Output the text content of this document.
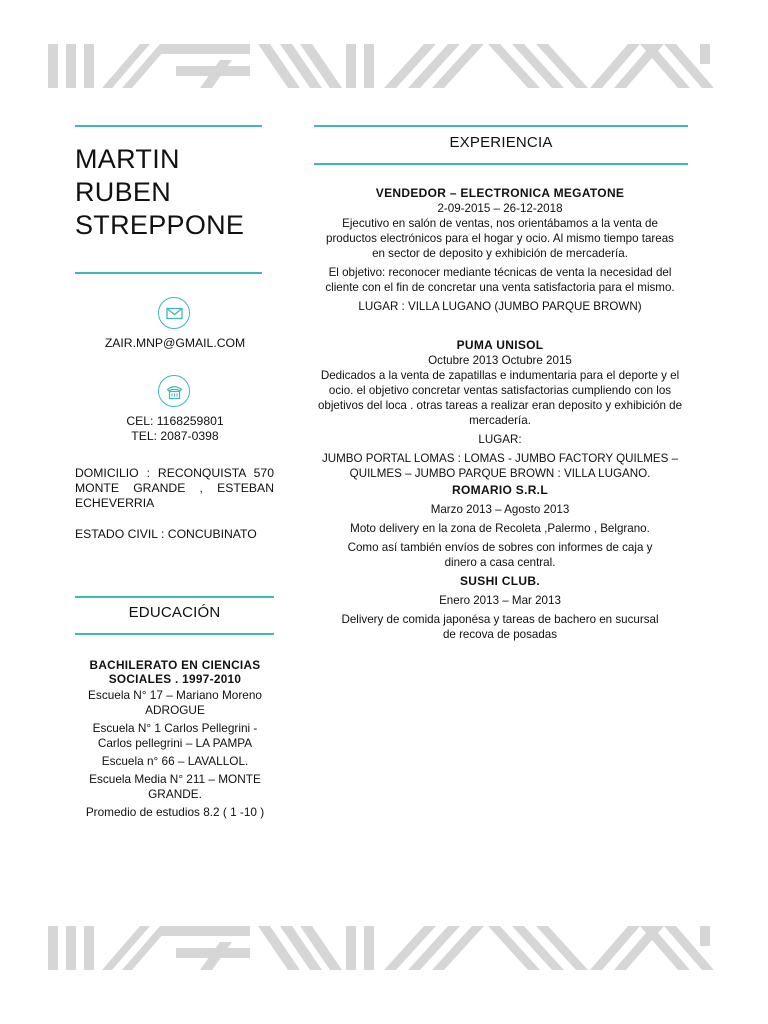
MARTIN
RUBEN
STREPPONE
ZAIR.MNP@GMAIL.COM
CEL: 1168259801
TEL: 2087-0398
DOMICILIO : RECONQUISTA 570 MONTE GRANDE , ESTEBAN ECHEVERRIA
ESTADO CIVIL : CONCUBINATO
EDUCACIÓN
BACHILERATO EN CIENCIAS SOCIALES . 1997-2010
Escuela N° 17 – Mariano Moreno ADROGUE
Escuela N° 1 Carlos Pellegrini - Carlos pellegrini – LA PAMPA
Escuela n° 66 – LAVALLOL.
Escuela Media N° 211 – MONTE GRANDE.
Promedio de estudios 8.2 ( 1 -10 )
EXPERIENCIA
VENDEDOR – ELECTRONICA MEGATONE
2-09-2015 – 26-12-2018

Ejecutivo en salón de ventas, nos orientábamos a la venta de productos electrónicos para el hogar y ocio. Al mismo tiempo tareas en sector de deposito y exhibición de mercadería.

El objetivo: reconocer mediante técnicas de venta la necesidad del cliente con el fin de concretar una venta satisfactoria para el mismo.

LUGAR : VILLA LUGANO (JUMBO PARQUE BROWN)

PUMA UNISOL
Octubre 2013 Octubre 2015

Dedicados a la venta de zapatillas e indumentaria para el deporte y el ocio. el objetivo concretar ventas satisfactorias cumpliendo con los objetivos del loca . otras tareas a realizar eran deposito y exhibición de mercadería.

LUGAR:

JUMBO PORTAL LOMAS : LOMAS - JUMBO FACTORY QUILMES – QUILMES – JUMBO PARQUE BROWN : VILLA LUGANO.

ROMARIO S.R.L
Marzo 2013 – Agosto 2013

Moto delivery en la zona de Recoleta ,Palermo , Belgrano.

Como así también envíos de sobres con informes de caja y dinero a casa central.

SUSHI CLUB.
Enero 2013 – Mar 2013

Delivery de comida japonésa y tareas de bachero en sucursal de recova de posadas
